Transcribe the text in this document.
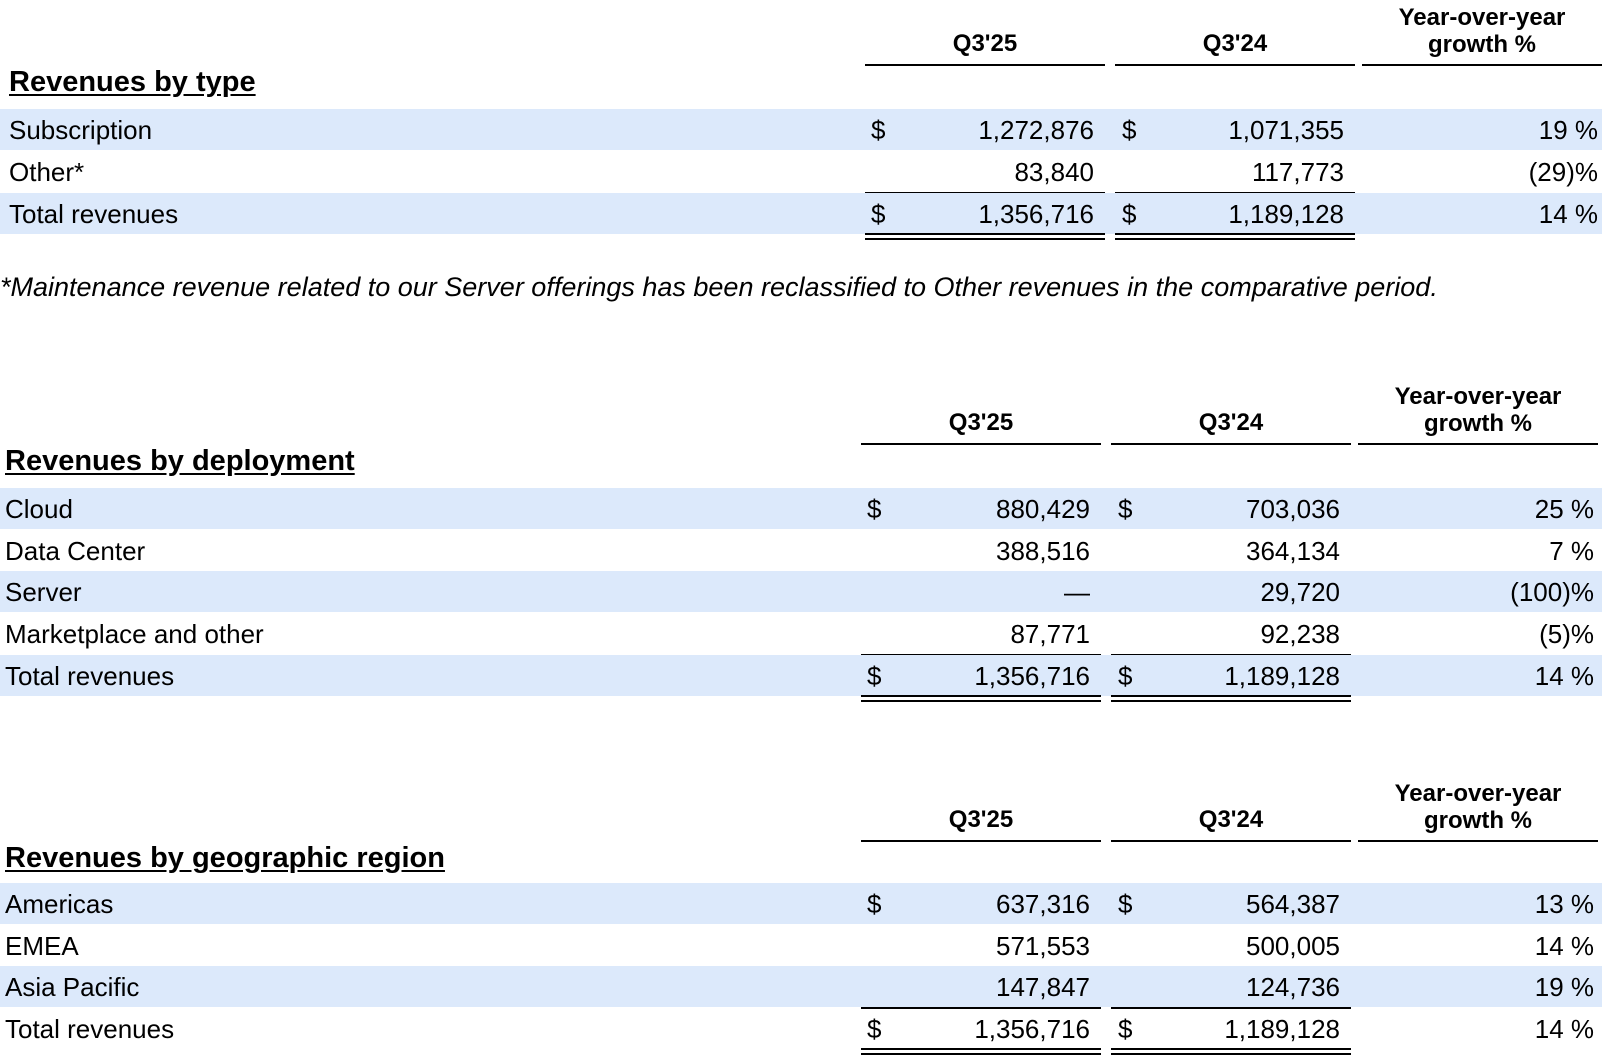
Q3'25	Q3'24
Year-over-year
growth %
Revenues by type
Subscription	$	1,272,876 $	1,071,355	19 %
Other*	83,840	117,773	(29)%
Total revenues	$	1,356,716 $	1,189,128	14 %
*Maintenance revenue related to our Server offerings has been reclassified to Other revenues in the comparative period.
Q3'25	Q3'24
Year-over-year
growth %
Revenues by deployment
Cloud	$	880,429 $	703,036	25 %
Data Center	388,516	364,134	7 %
Server	—	29,720	(100)%
Marketplace and other	87,771	92,238	(5)%
Total revenues	$	1,356,716 $	1,189,128	14 %
Q3'25	Q3'24
Year-over-year
growth %
Revenues by geographic region
Americas	$	637,316 $	564,387	13 %
EMEA	571,553	500,005	14 %
Asia Pacific	147,847	124,736	19 %
Total revenues	$	1,356,716 $	1,189,128	14 %
